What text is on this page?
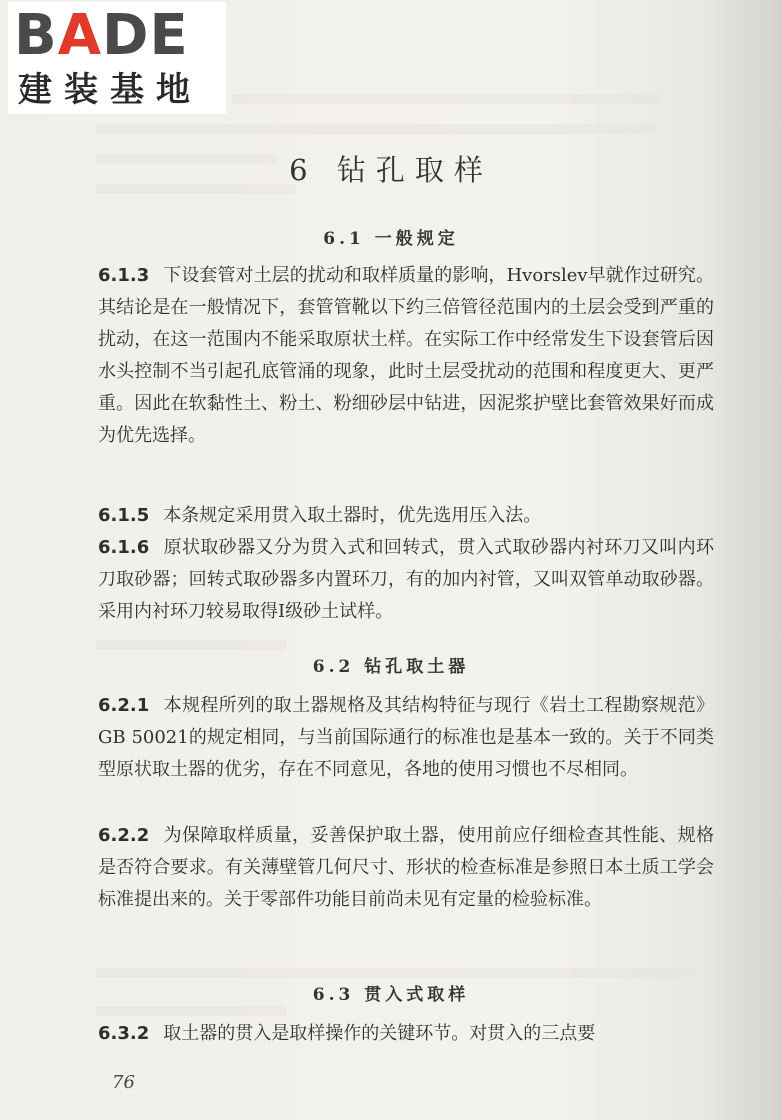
BADE
建装基地
6 钻孔取样
6.1 一般规定
6.1.3 下设套管对土层的扰动和取样质量的影响，Hvorslev早就作过研究。其结论是在一般情况下，套管管靴以下约三倍管径范围内的土层会受到严重的扰动，在这一范围内不能采取原状土样。在实际工作中经常发生下设套管后因水头控制不当引起孔底管涌的现象，此时土层受扰动的范围和程度更大、更严重。因此在软黏性土、粉土、粉细砂层中钻进，因泥浆护壁比套管效果好而成为优先选择。
6.1.5 本条规定采用贯入取土器时，优先选用压入法。
6.1.6 原状取砂器又分为贯入式和回转式，贯入式取砂器内衬环刀又叫内环刀取砂器；回转式取砂器多内置环刀，有的加内衬管，又叫双管单动取砂器。采用内衬环刀较易取得Ⅰ级砂土试样。
6.2 钻孔取土器
6.2.1 本规程所列的取土器规格及其结构特征与现行《岩土工程勘察规范》GB 50021的规定相同，与当前国际通行的标准也是基本一致的。关于不同类型原状取土器的优劣，存在不同意见，各地的使用习惯也不尽相同。
6.2.2 为保障取样质量，妥善保护取土器，使用前应仔细检查其性能、规格是否符合要求。有关薄壁管几何尺寸、形状的检查标准是参照日本土质工学会标准提出来的。关于零部件功能目前尚未见有定量的检验标准。
6.3 贯入式取样
6.3.2 取土器的贯入是取样操作的关键环节。对贯入的三点要
76
